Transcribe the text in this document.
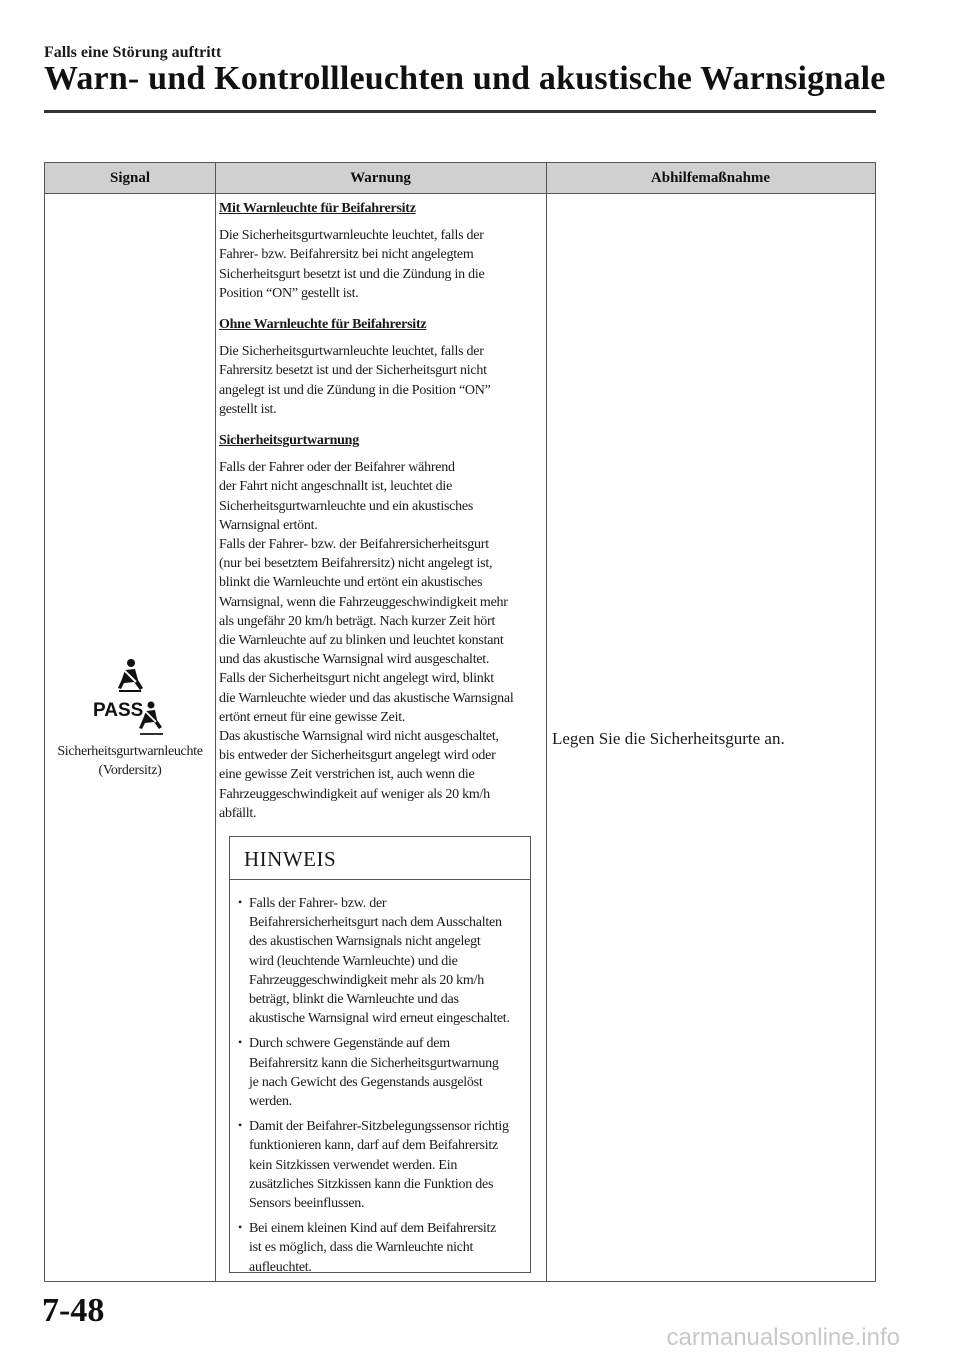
Falls eine Störung auftritt
Warn- und Kontrollleuchten und akustische Warnsignale
Signal	Warnung	Abhilfemaßnahme
PASS
Sicherheitsgurtwarnleuchte
(Vordersitz)
Mit Warnleuchte für Beifahrersitz

Die Sicherheitsgurtwarnleuchte leuchtet, falls der
Fahrer- bzw. Beifahrersitz bei nicht angelegtem
Sicherheitsgurt besetzt ist und die Zündung in die
Position “ON” gestellt ist.

Ohne Warnleuchte für Beifahrersitz

Die Sicherheitsgurtwarnleuchte leuchtet, falls der
Fahrersitz besetzt ist und der Sicherheitsgurt nicht
angelegt ist und die Zündung in die Position “ON”
gestellt ist.

Sicherheitsgurtwarnung

Falls der Fahrer oder der Beifahrer während
der Fahrt nicht angeschnallt ist, leuchtet die
Sicherheitsgurtwarnleuchte und ein akustisches
Warnsignal ertönt.
Falls der Fahrer- bzw. der Beifahrersicherheitsgurt
(nur bei besetztem Beifahrersitz) nicht angelegt ist,
blinkt die Warnleuchte und ertönt ein akustisches
Warnsignal, wenn die Fahrzeuggeschwindigkeit mehr
als ungefähr 20 km/h beträgt. Nach kurzer Zeit hört
die Warnleuchte auf zu blinken und leuchtet konstant
und das akustische Warnsignal wird ausgeschaltet.
Falls der Sicherheitsgurt nicht angelegt wird, blinkt
die Warnleuchte wieder und das akustische Warnsignal
ertönt erneut für eine gewisse Zeit.
Das akustische Warnsignal wird nicht ausgeschaltet,
bis entweder der Sicherheitsgurt angelegt wird oder
eine gewisse Zeit verstrichen ist, auch wenn die
Fahrzeuggeschwindigkeit auf weniger als 20 km/h
abfällt.

HINWEIS
• Falls der Fahrer- bzw. der
Beifahrersicherheitsgurt nach dem Ausschalten
des akustischen Warnsignals nicht angelegt
wird (leuchtende Warnleuchte) und die
Fahrzeuggeschwindigkeit mehr als 20 km/h
beträgt, blinkt die Warnleuchte und das
akustische Warnsignal wird erneut eingeschaltet.
• Durch schwere Gegenstände auf dem
Beifahrersitz kann die Sicherheitsgurtwarnung
je nach Gewicht des Gegenstands ausgelöst
werden.
• Damit der Beifahrer-Sitzbelegungssensor richtig
funktionieren kann, darf auf dem Beifahrersitz
kein Sitzkissen verwendet werden. Ein
zusätzliches Sitzkissen kann die Funktion des
Sensors beeinflussen.
• Bei einem kleinen Kind auf dem Beifahrersitz
ist es möglich, dass die Warnleuchte nicht
aufleuchtet.
Legen Sie die Sicherheitsgurte an.
7-48
carmanualsonline.info
